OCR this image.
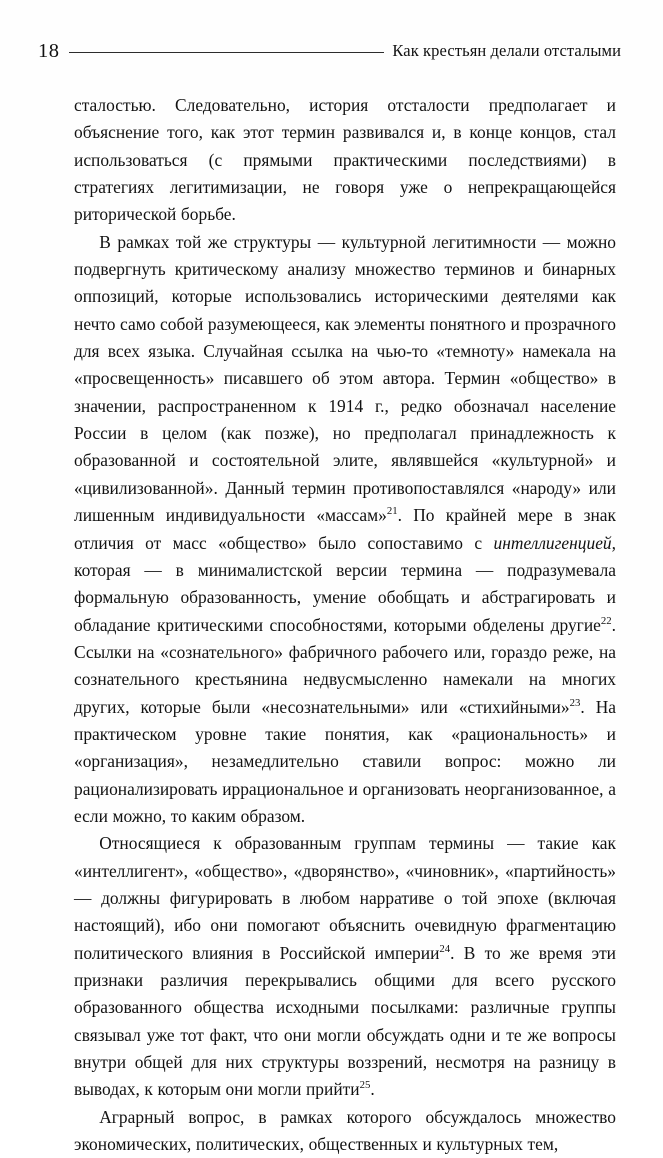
18	Как крестьян делали отсталыми

сталостью. Следовательно, история отсталости предполагает и объяснение того, как этот термин развивался и, в конце концов, стал использоваться (с прямыми практическими последствиями) в стратегиях легитимизации, не говоря уже о непрекращающейся риторической борьбе.

В рамках той же структуры — культурной легитимности — можно подвергнуть критическому анализу множество терминов и бинарных оппозиций, которые использовались историческими деятелями как нечто само собой разумеющееся, как элементы понятного и прозрачного для всех языка. Случайная ссылка на чью-то «темноту» намекала на «просвещенность» писавшего об этом автора. Термин «общество» в значении, распространенном к 1914 г., редко обозначал население России в целом (как позже), но предполагал принадлежность к образованной и состоятельной элите, являвшейся «культурной» и «цивилизованной». Данный термин противопоставлялся «народу» или лишенным индивидуальности «массам»$^{21}$. По крайней мере в знак отличия от масс «общество» было сопоставимо с интеллигенцией, которая — в минималистской версии термина — подразумевала формальную образованность, умение обобщать и абстрагировать и обладание критическими способностями, которыми обделены другие$^{22}$. Ссылки на «сознательного» фабричного рабочего или, гораздо реже, на сознательного крестьянина недвусмысленно намекали на многих других, которые были «несознательными» или «стихийными»$^{23}$. На практическом уровне такие понятия, как «рациональность» и «организация», незамедлительно ставили вопрос: можно ли рационализировать иррациональное и организовать неорганизованное, а если можно, то каким образом.

Относящиеся к образованным группам термины — такие как «интеллигент», «общество», «дворянство», «чиновник», «партийность» — должны фигурировать в любом нарративе о той эпохе (включая настоящий), ибо они помогают объяснить очевидную фрагментацию политического влияния в Российской империи$^{24}$. В то же время эти признаки различия перекрывались общими для всего русского образованного общества исходными посылками: различные группы связывал уже тот факт, что они могли обсуждать одни и те же вопросы внутри общей для них структуры воззрений, несмотря на разницу в выводах, к которым они могли прийти$^{25}$.

Аграрный вопрос, в рамках которого обсуждалось множество экономических, политических, общественных и культурных тем,
